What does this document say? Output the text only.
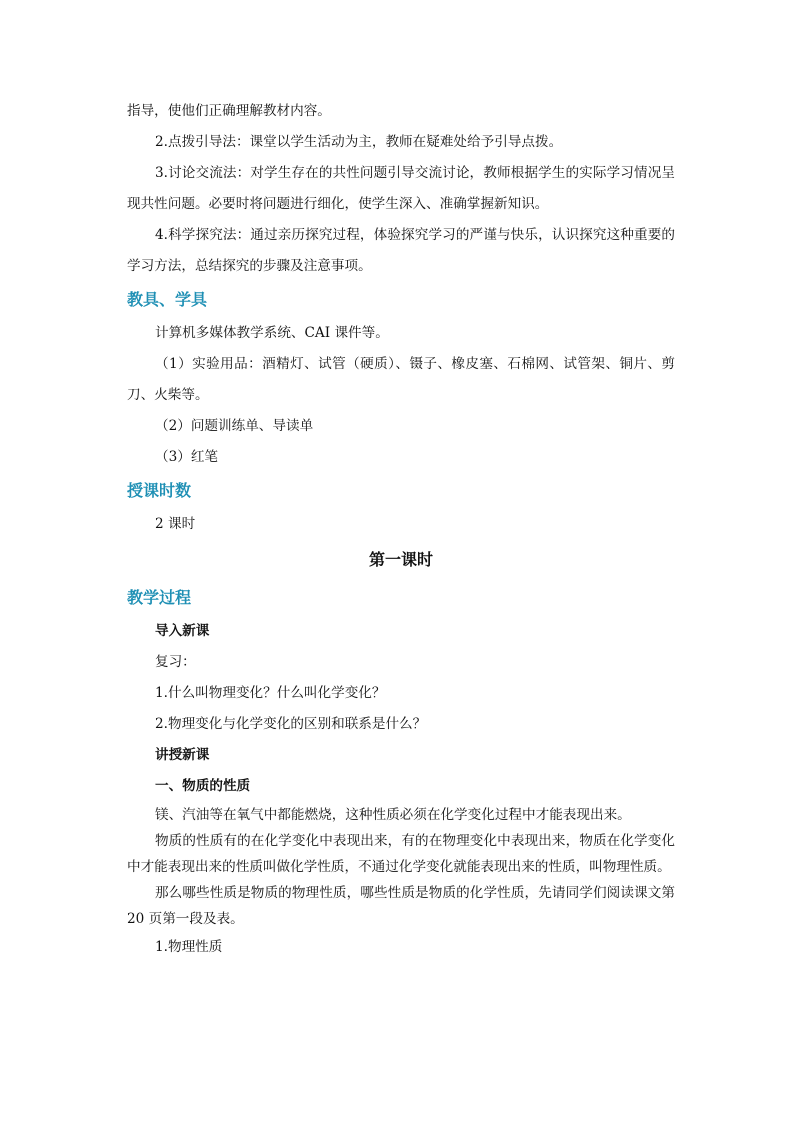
指导，使他们正确理解教材内容。

2.点拨引导法：课堂以学生活动为主，教师在疑难处给予引导点拨。

3.讨论交流法：对学生存在的共性问题引导交流讨论，教师根据学生的实际学习情况呈现共性问题。必要时将问题进行细化，使学生深入、准确掌握新知识。

4.科学探究法：通过亲历探究过程，体验探究学习的严谨与快乐，认识探究这种重要的学习方法，总结探究的步骤及注意事项。

教具、学具

计算机多媒体教学系统、CAI 课件等。

（1）实验用品：酒精灯、试管（硬质）、镊子、橡皮塞、石棉网、试管架、铜片、剪刀、火柴等。

（2）问题训练单、导读单

（3）红笔

授课时数

2 课时

第一课时
教学过程

导入新课

复习：

1.什么叫物理变化？什么叫化学变化？

2.物理变化与化学变化的区别和联系是什么？

讲授新课

一、物质的性质

镁、汽油等在氧气中都能燃烧，这种性质必须在化学变化过程中才能表现出来。

物质的性质有的在化学变化中表现出来，有的在物理变化中表现出来，物质在化学变化中才能表现出来的性质叫做化学性质，不通过化学变化就能表现出来的性质，叫物理性质。

那么哪些性质是物质的物理性质，哪些性质是物质的化学性质，先请同学们阅读课文第 20 页第一段及表。

1.物理性质
